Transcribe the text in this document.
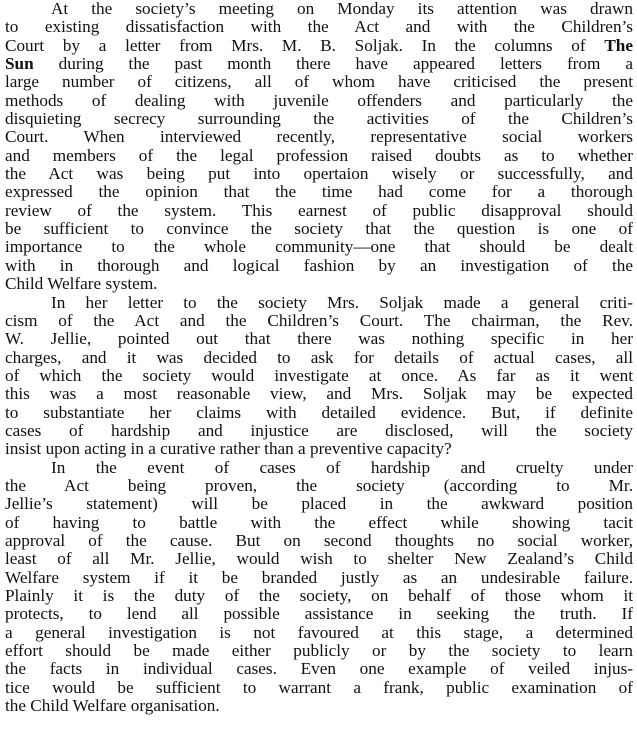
At the society’s meeting on Monday its attention was drawn
to existing dissatisfaction with the Act and with the Children’s
Court by a letter from Mrs. M. B. Soljak. In the columns of The
Sun during the past month there have appeared letters from a
large number of citizens, all of whom have criticised the present
methods of dealing with juvenile offenders and particularly the
disquieting secrecy surrounding the activities of the Children’s
Court. When interviewed recently, representative social workers
and members of the legal profession raised doubts as to whether
the Act was being put into opertaion wisely or successfully, and
expressed the opinion that the time had come for a thorough
review of the system. This earnest of public disapproval should
be sufficient to convince the society that the question is one of
importance to the whole community—one that should be dealt
with in thorough and logical fashion by an investigation of the
Child Welfare system.
In her letter to the society Mrs. Soljak made a general criti-
cism of the Act and the Children’s Court. The chairman, the Rev.
W. Jellie, pointed out that there was nothing specific in her
charges, and it was decided to ask for details of actual cases, all
of which the society would investigate at once. As far as it went
this was a most reasonable view, and Mrs. Soljak may be expected
to substantiate her claims with detailed evidence. But, if definite
cases of hardship and injustice are disclosed, will the society
insist upon acting in a curative rather than a preventive capacity?
In the event of cases of hardship and cruelty under
the Act being proven, the society (according to Mr.
Jellie’s statement) will be placed in the awkward position
of having to battle with the effect while showing tacit
approval of the cause. But on second thoughts no social worker,
least of all Mr. Jellie, would wish to shelter New Zealand’s Child
Welfare system if it be branded justly as an undesirable failure.
Plainly it is the duty of the society, on behalf of those whom it
protects, to lend all possible assistance in seeking the truth. If
a general investigation is not favoured at this stage, a determined
effort should be made either publicly or by the society to learn
the facts in individual cases. Even one example of veiled injus-
tice would be sufficient to warrant a frank, public examination of
the Child Welfare organisation.
